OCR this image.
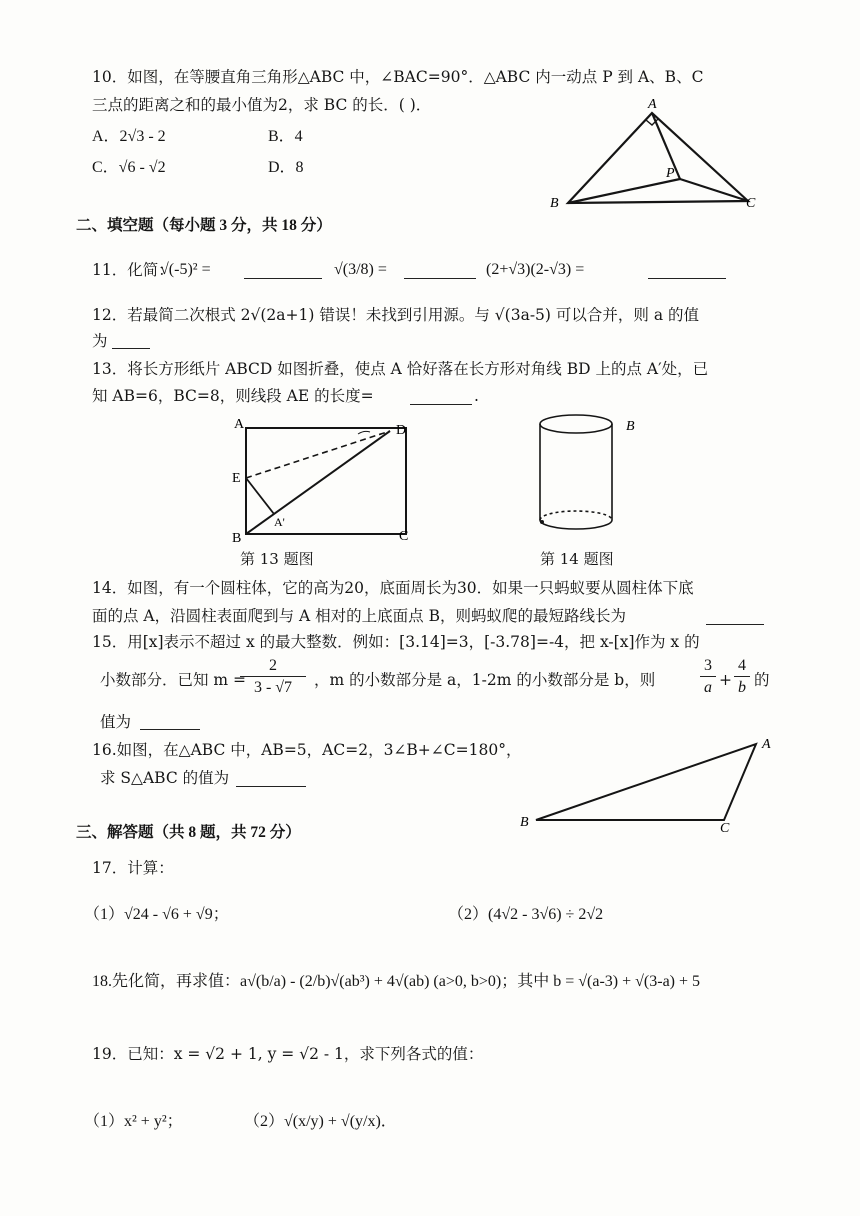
10．如图，在等腰直角三角形△ABC 中，∠BAC=90°．△ABC 内一动点 P 到 A、B、C
三点的距离之和的最小值为2，求 BC 的长．( )．
A．2√3 - 2	B．4
C．√6 - √2	D．8
A
B	C
P
二、填空题（每小题 3 分，共 18 分）
11．化简：
√(-5)² =	√(3/8) =	(2+√3)(2-√3) =
12．若最简二次根式 2√(2a+1) 错误！未找到引用源。与 √(3a-5) 可以合并，则 a 的值
为
13．将长方形纸片 ABCD 如图折叠，使点 A 恰好落在长方形对角线 BD 上的点 A′处，已
知 AB=6，BC=8，则线段 AE 的长度=	.
A	D
E
B
A'
C
第 13 题图
B
第 14 题图
14．如图，有一个圆柱体，它的高为20，底面周长为30．如果一只蚂蚁要从圆柱体下底
面的点 A，沿圆柱表面爬到与 A 相对的上底面点 B，则蚂蚁爬的最短路线长为
15．用[x]表示不超过 x 的最大整数．例如：[3.14]=3，[-3.78]=-4，把 x-[x]作为 x 的
小数部分．已知 m =
$\frac{2}{3 - √7}$ ，m 的小数部分是 a，1-2m 的小数部分是 b，则	$\frac{3}{a} + \frac{4}{b}$ 的
值为
16.如图，在△ABC 中，AB=5，AC=2，3∠B+∠C=180°，
求 S△ABC 的值为
A
B	C
三、解答题（共 8 题，共 72 分）
17．计算：
（1）√24 - √6 + √9；	（2）(4√2 - 3√6) ÷ 2√2
18.先化简，再求值：a√(b/a) - (2/b)√(ab³) + 4√(ab) (a>0, b>0)；其中 b = √(a-3) + √(3-a) + 5
19．已知：x = √2 + 1, y = √2 - 1，求下列各式的值：
（1）x² + y²；	（2）√(x/y) + √(y/x)．
